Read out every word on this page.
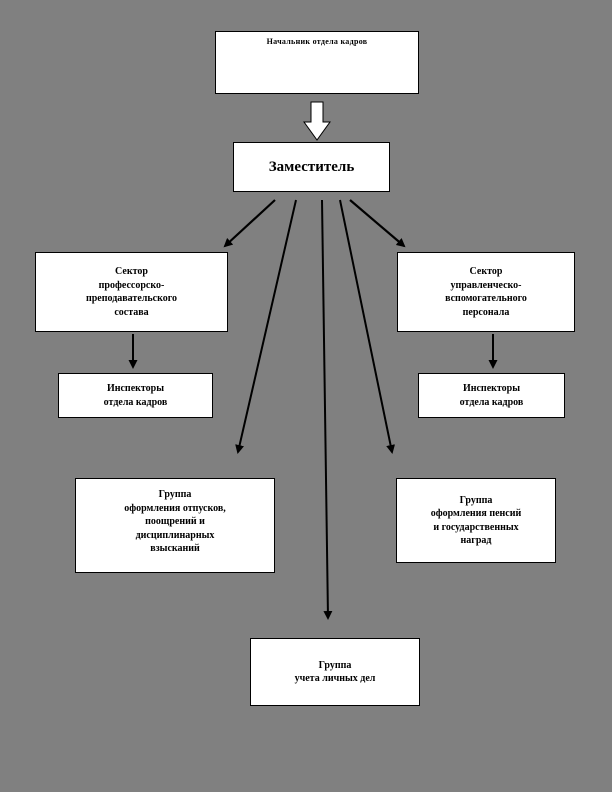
Начальник отдела кадров
Заместитель
Сектор
профессорско-
преподавательского
состава
Сектор
управленческо-
вспомогательного
персонала
Инспекторы
отдела кадров
Инспекторы
отдела кадров
Группа
оформления отпусков,
поощрений и
дисциплинарных
взысканий
Группа
оформления пенсий
и государственных
наград
Группа
учета личных дел
